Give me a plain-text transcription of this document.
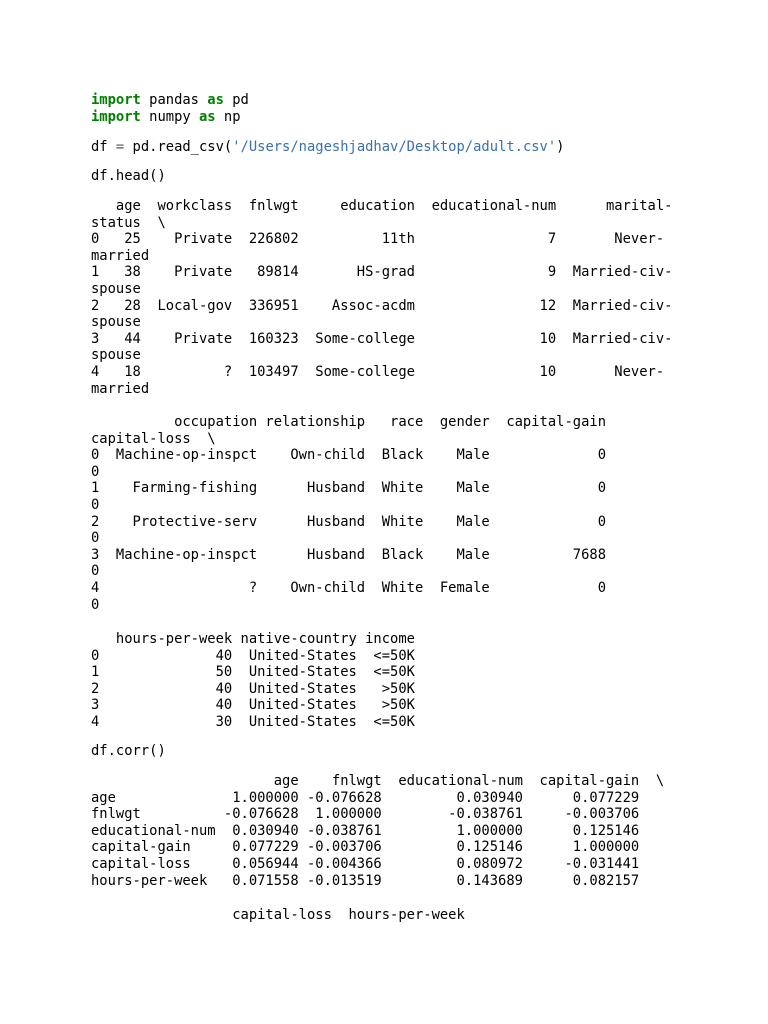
import pandas as pd
import numpy as np
df = pd.read_csv('/Users/nageshjadhav/Desktop/adult.csv')
df.head()
age  workclass  fnlwgt     education  educational-num      marital-
status  \
0   25    Private  226802          11th                7       Never-
married
1   38    Private   89814       HS-grad                9  Married-civ-
spouse
2   28  Local-gov  336951    Assoc-acdm               12  Married-civ-
spouse
3   44    Private  160323  Some-college               10  Married-civ-
spouse
4   18          ?  103497  Some-college               10       Never-
married
occupation relationship   race  gender  capital-gain
capital-loss  \
0  Machine-op-inspct    Own-child  Black    Male             0
0
1    Farming-fishing      Husband  White    Male             0
0
2    Protective-serv      Husband  White    Male             0
0
3  Machine-op-inspct      Husband  Black    Male          7688
0
4                  ?    Own-child  White  Female             0
0
hours-per-week native-country income
0              40  United-States  <=50K
1              50  United-States  <=50K
2              40  United-States   >50K
3              40  United-States   >50K
4              30  United-States  <=50K
df.corr()
age    fnlwgt  educational-num  capital-gain  \
age              1.000000 -0.076628         0.030940      0.077229
fnlwgt          -0.076628  1.000000        -0.038761     -0.003706
educational-num  0.030940 -0.038761         1.000000      0.125146
capital-gain     0.077229 -0.003706         0.125146      1.000000
capital-loss     0.056944 -0.004366         0.080972     -0.031441
hours-per-week   0.071558 -0.013519         0.143689      0.082157
capital-loss  hours-per-week
